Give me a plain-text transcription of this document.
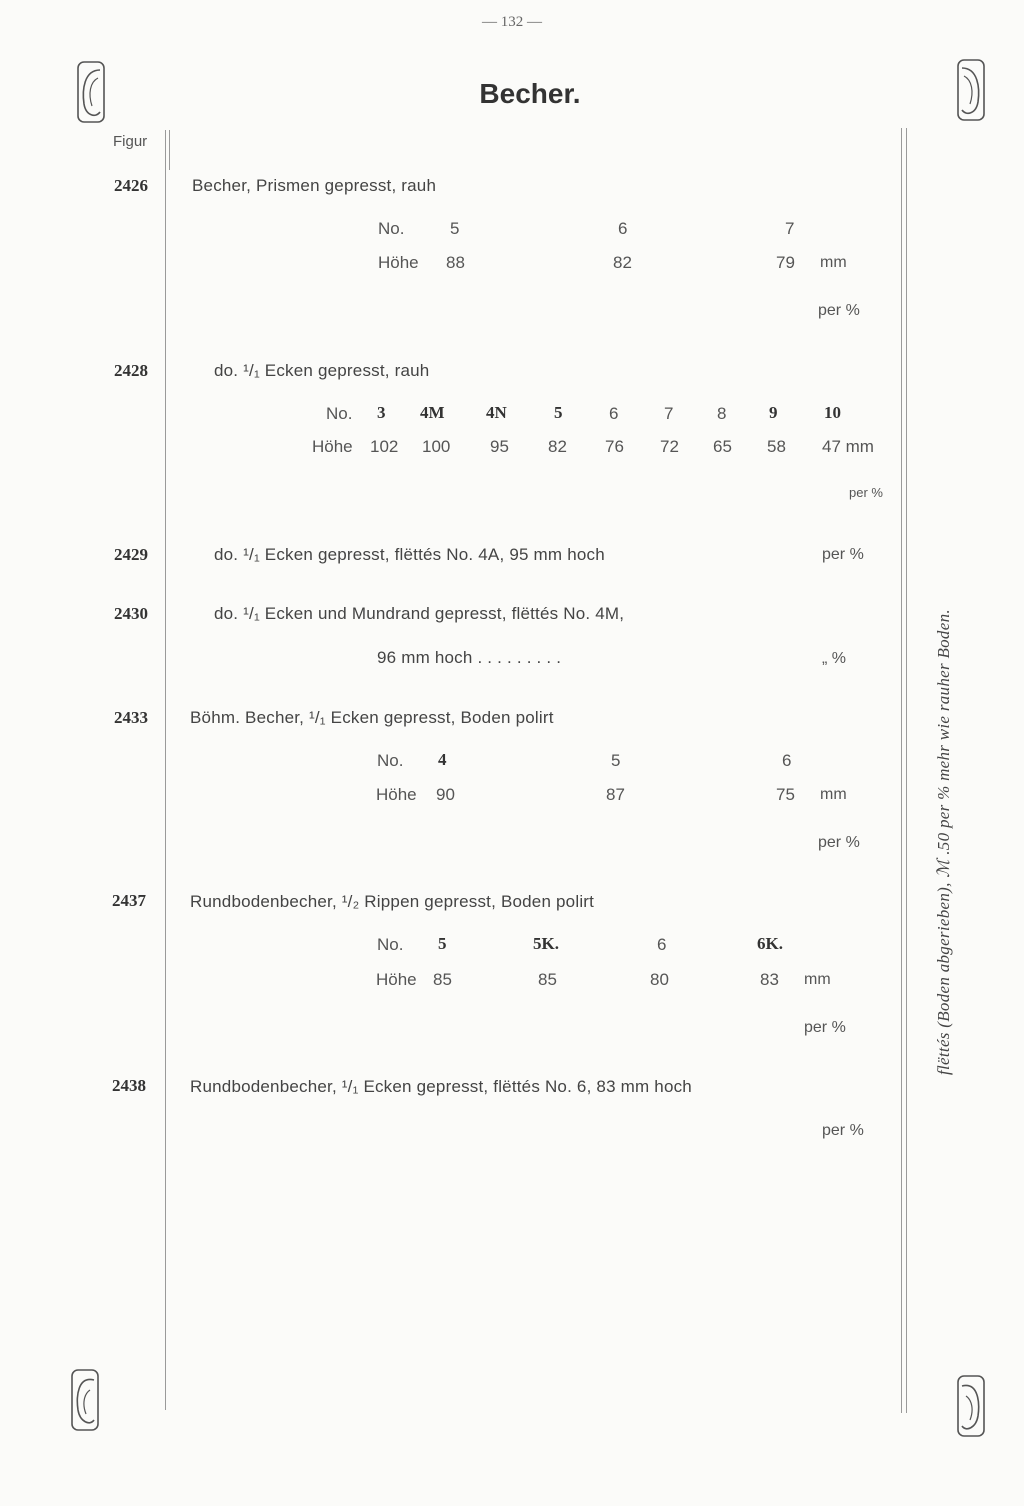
— 132 —
Becher.
Figur
flëttés (Boden abgerieben), ℳ .50 per % mehr wie rauher Boden.
2426	Becher, Prismen gepresst, rauh
No.	5	6	7
Höhe 88	82	79 mm
per %
2428	do. ¹/₁ Ecken gepresst, rauh
No. 3 4M 4N	5	6	7	8	9	10
Höhe 102 100 95 82 76 72 65 58 47 mm
per %
2429	do. ¹/₁ Ecken gepresst, flëttés No. 4A, 95 mm hoch	per %
2430	do. ¹/₁ Ecken und Mundrand gepresst, flëttés No. 4M,
96 mm hoch . . . . . . . . .	„ %
2433 Böhm. Becher, ¹/₁ Ecken gepresst, Boden polirt
No. 4	5	6
Höhe 90	87	75 mm
per %
2437	Rundbodenbecher, ¹/₂ Rippen gepresst, Boden polirt
No. 5	5K.	6	6K.
Höhe 85	85	80	83 mm
per %
2438	Rundbodenbecher, ¹/₁ Ecken gepresst, flëttés No. 6, 83 mm hoch
per %
